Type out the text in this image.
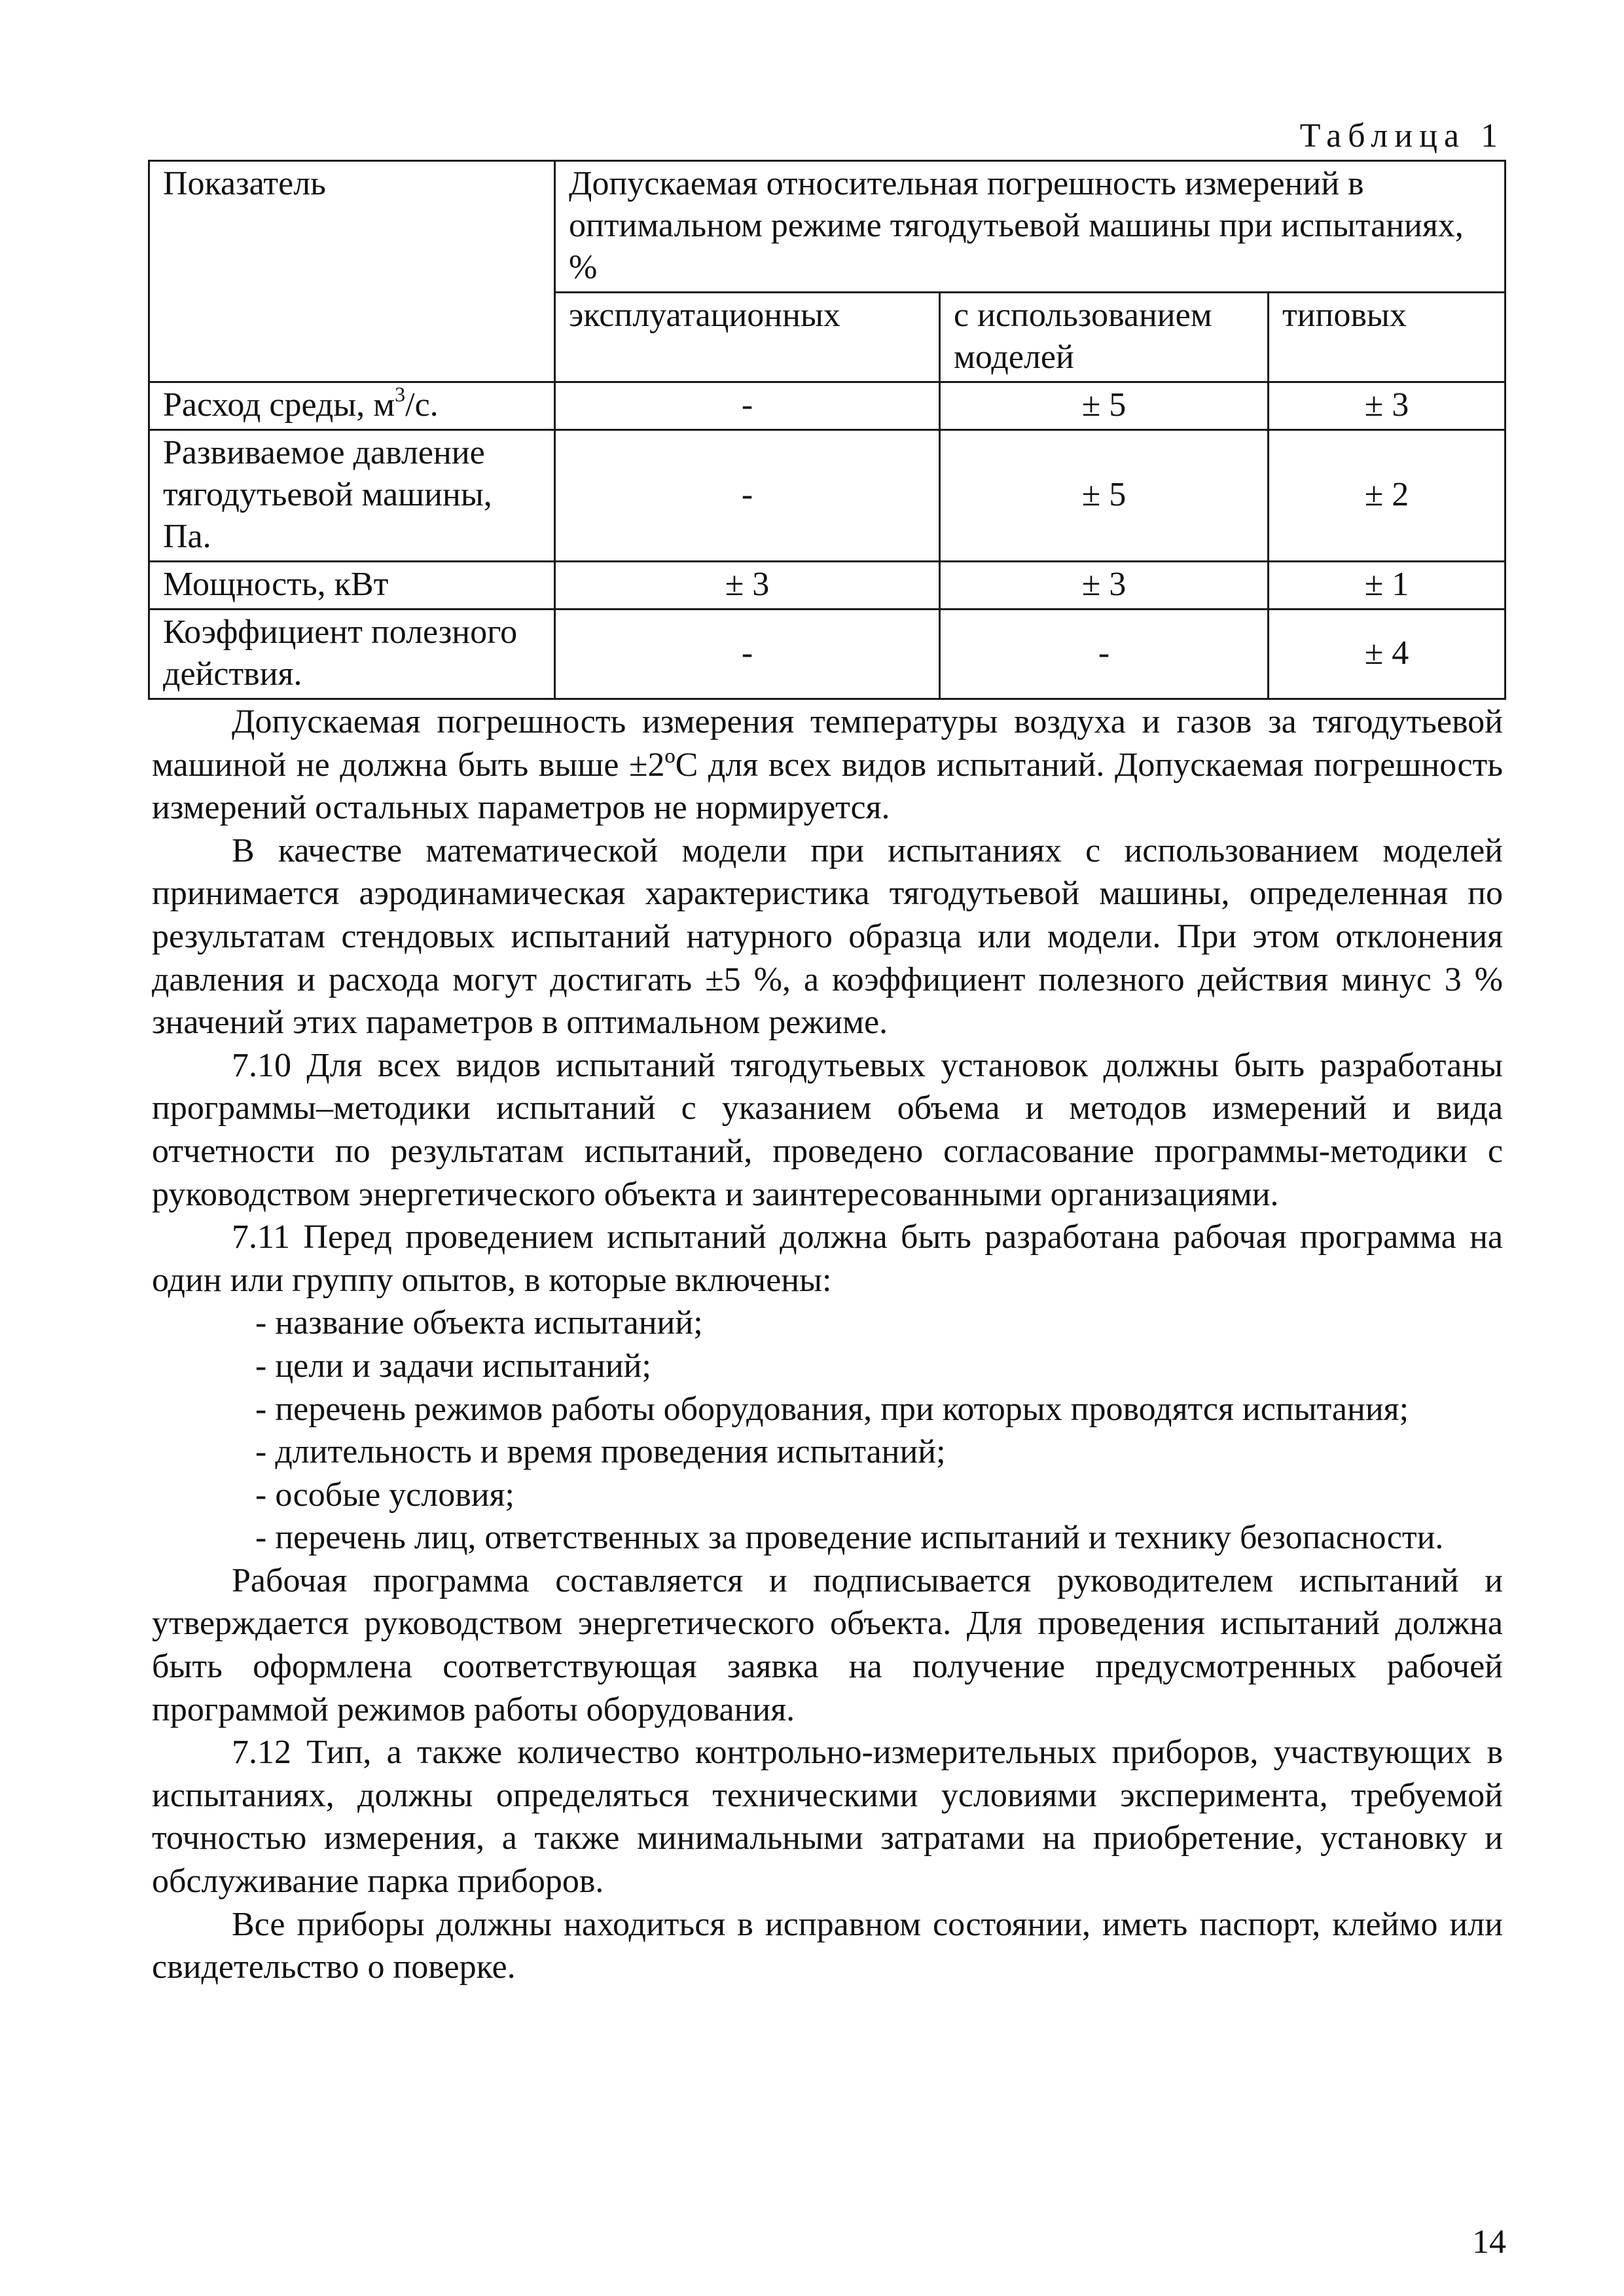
Таблица 1
Показатель	Допускаемая относительная погрешность измерений в оптимальном режиме тягодутьевой машины при испытаниях, %		
	эксплуатационных	с использованием моделей	типовых
Расход среды, $м^3/с$.	-	± 5	± 3
Развиваемое давление тягодутьевой машины, Па.	-	± 5	± 2
Мощность, кВт	± 3	± 3	± 1
Коэффициент полезного действия.	-	-	± 4

Допускаемая погрешность измерения температуры воздуха и газов за тягодутьевой машиной не должна быть выше ±2ºС для всех видов испытаний. Допускаемая погрешность измерений остальных параметров не нормируется.

В качестве математической модели при испытаниях с использованием моделей принимается аэродинамическая характеристика тягодутьевой машины, определенная по результатам стендовых испытаний натурного образца или модели. При этом отклонения давления и расхода могут достигать ±5 %, а коэффициент полезного действия минус 3 % значений этих параметров в оптимальном режиме.

7.10 Для всех видов испытаний тягодутьевых установок должны быть разработаны программы–методики испытаний с указанием объема и методов измерений и вида отчетности по результатам испытаний, проведено согласование программы-методики с руководством энергетического объекта и заинтересованными организациями.

7.11 Перед проведением испытаний должна быть разработана рабочая программа на один или группу опытов, в которые включены:

- название объекта испытаний;

- цели и задачи испытаний;

- перечень режимов работы оборудования, при которых проводятся испытания;

- длительность и время проведения испытаний;

- особые условия;

- перечень лиц, ответственных за проведение испытаний и технику безопасности.

Рабочая программа составляется и подписывается руководителем испытаний и утверждается руководством энергетического объекта. Для проведения испытаний должна быть оформлена соответствующая заявка на получение предусмотренных рабочей программой режимов работы оборудования.

7.12 Тип, а также количество контрольно-измерительных приборов, участвующих в испытаниях, должны определяться техническими условиями эксперимента, требуемой точностью измерения, а также минимальными затратами на приобретение, установку и обслуживание парка приборов.

Все приборы должны находиться в исправном состоянии, иметь паспорт, клеймо или свидетельство о поверке.

14
